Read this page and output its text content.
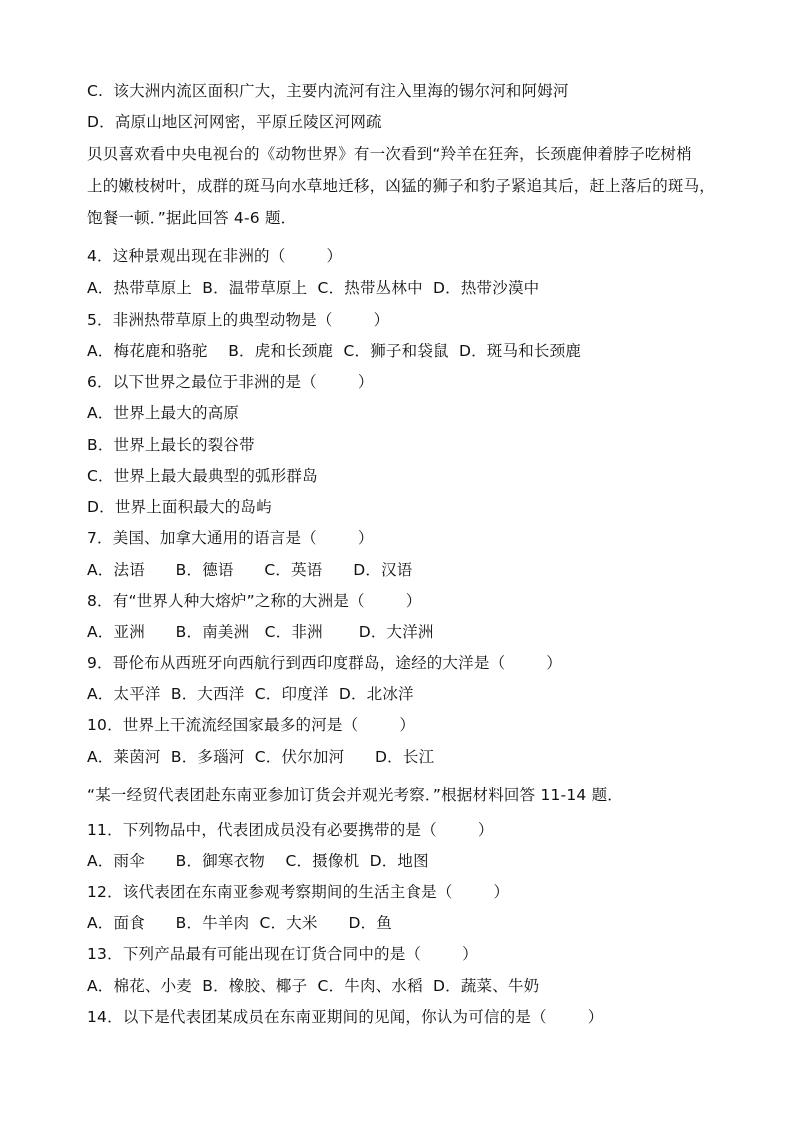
C.  该大洲内流区面积广大，主要内流河有注入里海的锡尔河和阿姆河
D．高原山地区河网密，平原丘陵区河网疏
贝贝喜欢看中央电视台的《动物世界》有一次看到“羚羊在狂奔，长颈鹿伸着脖子吃树梢
上的嫩枝树叶，成群的斑马向水草地迁移，凶猛的狮子和豹子紧追其后，赶上落后的斑马，
饱餐一顿．”据此回答 4-6 题．
4．这种景观出现在非洲的（        ）
A．热带草原上  B．温带草原上  C．热带丛林中  D．热带沙漠中
5．非洲热带草原上的典型动物是（        ）
A．梅花鹿和骆驼    B．虎和长颈鹿  C．狮子和袋鼠  D．斑马和长颈鹿
6．以下世界之最位于非洲的是（        ）
A．世界上最大的高原
B．世界上最长的裂谷带
C．世界上最大最典型的弧形群岛
D．世界上面积最大的岛屿
7．美国、加拿大通用的语言是（        ）
A．法语      B．德语      C．英语      D．汉语
8．有“世界人种大熔炉”之称的大洲是（        ）
A．亚洲      B．南美洲   C．非洲       D．大洋洲
9．哥伦布从西班牙向西航行到西印度群岛，途经的大洋是（        ）
A．太平洋  B．大西洋  C．印度洋  D．北冰洋
10．世界上干流流经国家最多的河是（        ）
A．莱茵河  B．多瑙河  C．伏尔加河      D．长江
“某一经贸代表团赴东南亚参加订货会并观光考察．”根据材料回答 11-14 题．
11．下列物品中，代表团成员没有必要携带的是（        ）
A．雨伞      B．御寒衣物    C．摄像机  D．地图
12．该代表团在东南亚参观考察期间的生活主食是（        ）
A．面食      B．牛羊肉  C．大米      D．鱼
13．下列产品最有可能出现在订货合同中的是（        ）
A．棉花、小麦  B．橡胶、椰子  C．牛肉、水稻  D．蔬菜、牛奶
14．以下是代表团某成员在东南亚期间的见闻，你认为可信的是（        ）
